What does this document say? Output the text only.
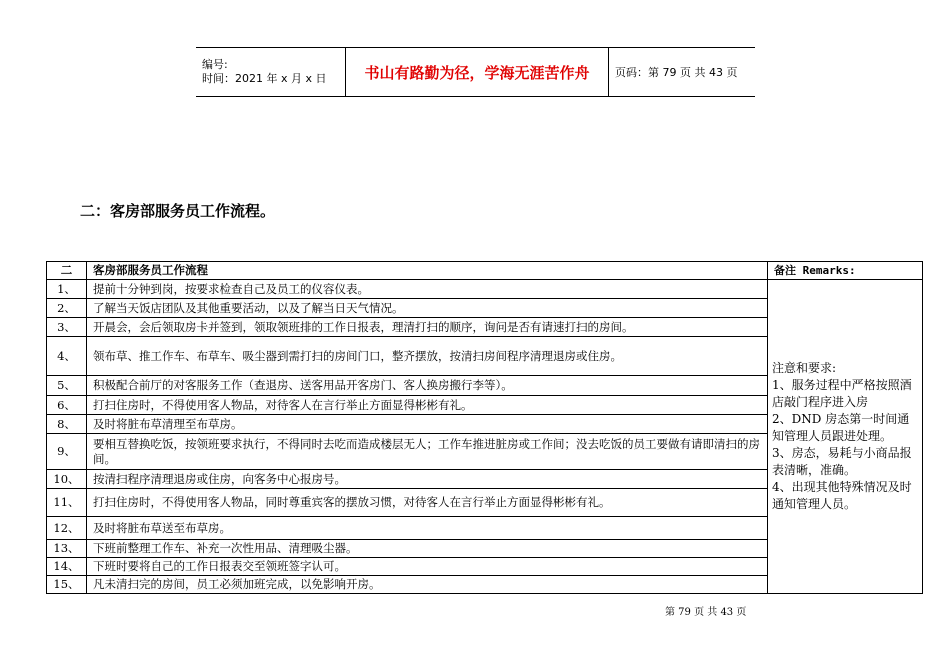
编号:
时间：2021 年 x 月 x 日	书山有路勤为径，学海无涯苦作舟	页码：第 79 页 共 43 页
二：客房部服务员工作流程。
二	客房部服务员工作流程	备注 Remarks:
1、	提前十分钟到岗，按要求检查自己及员工的仪容仪表。	注意和要求:
1、服务过程中严格按照酒店敲门程序进入房
2、DND 房态第一时间通知管理人员跟进处理。
3、房态，易耗与小商品报表清晰，准确。
4、出现其他特殊情况及时通知管理人员。

2、	了解当天饭店团队及其他重要活动，以及了解当日天气情况。	
3、	开晨会，会后领取房卡并签到，领取领班排的工作日报表，理清打扫的顺序，询问是否有请速打扫的房间。	
4、	领布草、推工作车、布草车、吸尘器到需打扫的房间门口，整齐摆放，按清扫房间程序清理退房或住房。	
5、	积极配合前厅的对客服务工作（查退房、送客用品开客房门、客人换房搬行李等）。	
6、	打扫住房时，不得使用客人物品，对待客人在言行举止方面显得彬彬有礼。	
8、	及时将脏布草清理至布草房。	
9、	要相互替换吃饭，按领班要求执行，不得同时去吃而造成楼层无人；工作车推进脏房或工作间；没去吃饭的员工要做有请即清扫的房间。	
10、	按清扫程序清理退房或住房，向客务中心报房号。	
11、	打扫住房时，不得使用客人物品，同时尊重宾客的摆放习惯，对待客人在言行举止方面显得彬彬有礼。	
12、	及时将脏布草送至布草房。	
13、	下班前整理工作车、补充一次性用品、清理吸尘器。	
14、	下班时要将自己的工作日报表交至领班签字认可。	
15、	凡未清扫完的房间，员工必须加班完成，以免影响开房。	
第 79 页 共 43 页
